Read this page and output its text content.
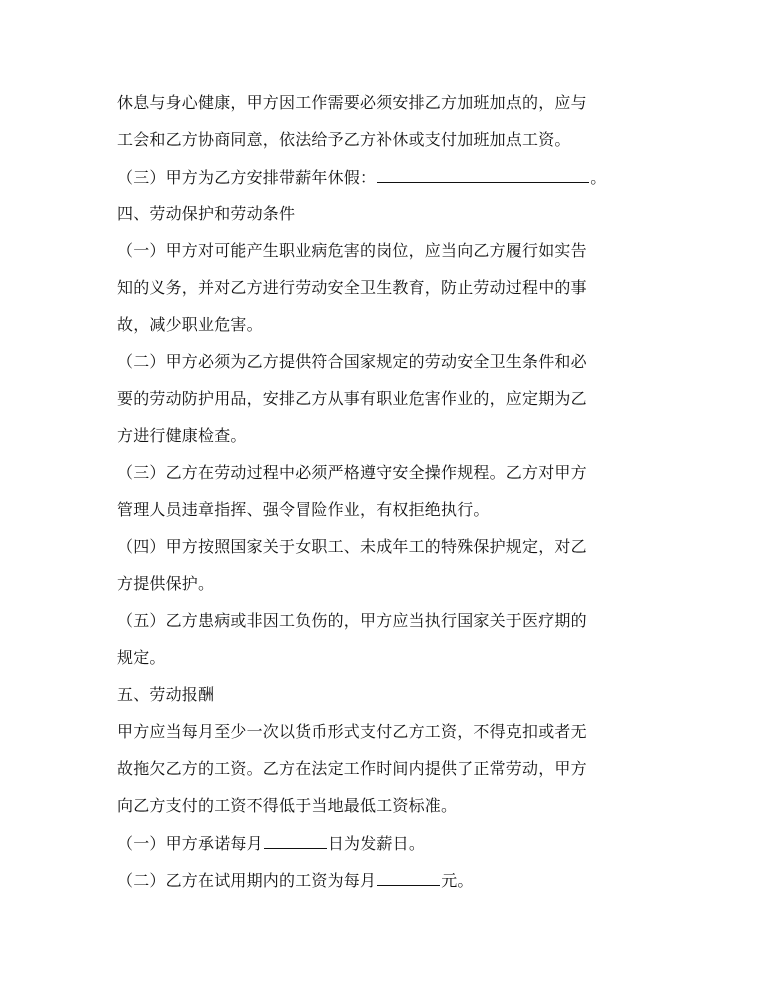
休息与身心健康，甲方因工作需要必须安排乙方加班加点的，应与
工会和乙方协商同意，依法给予乙方补休或支付加班加点工资。
（三）甲方为乙方安排带薪年休假：	。
四、劳动保护和劳动条件
（一）甲方对可能产生职业病危害的岗位，应当向乙方履行如实告
知的义务，并对乙方进行劳动安全卫生教育，防止劳动过程中的事
故，减少职业危害。
（二）甲方必须为乙方提供符合国家规定的劳动安全卫生条件和必
要的劳动防护用品，安排乙方从事有职业危害作业的，应定期为乙
方进行健康检查。
（三）乙方在劳动过程中必须严格遵守安全操作规程。乙方对甲方
管理人员违章指挥、强令冒险作业，有权拒绝执行。
（四）甲方按照国家关于女职工、未成年工的特殊保护规定，对乙
方提供保护。
（五）乙方患病或非因工负伤的，甲方应当执行国家关于医疗期的
规定。
五、劳动报酬
甲方应当每月至少一次以货币形式支付乙方工资，不得克扣或者无
故拖欠乙方的工资。乙方在法定工作时间内提供了正常劳动，甲方
向乙方支付的工资不得低于当地最低工资标准。
（一）甲方承诺每月	日为发薪日。
（二）乙方在试用期内的工资为每月	元。
